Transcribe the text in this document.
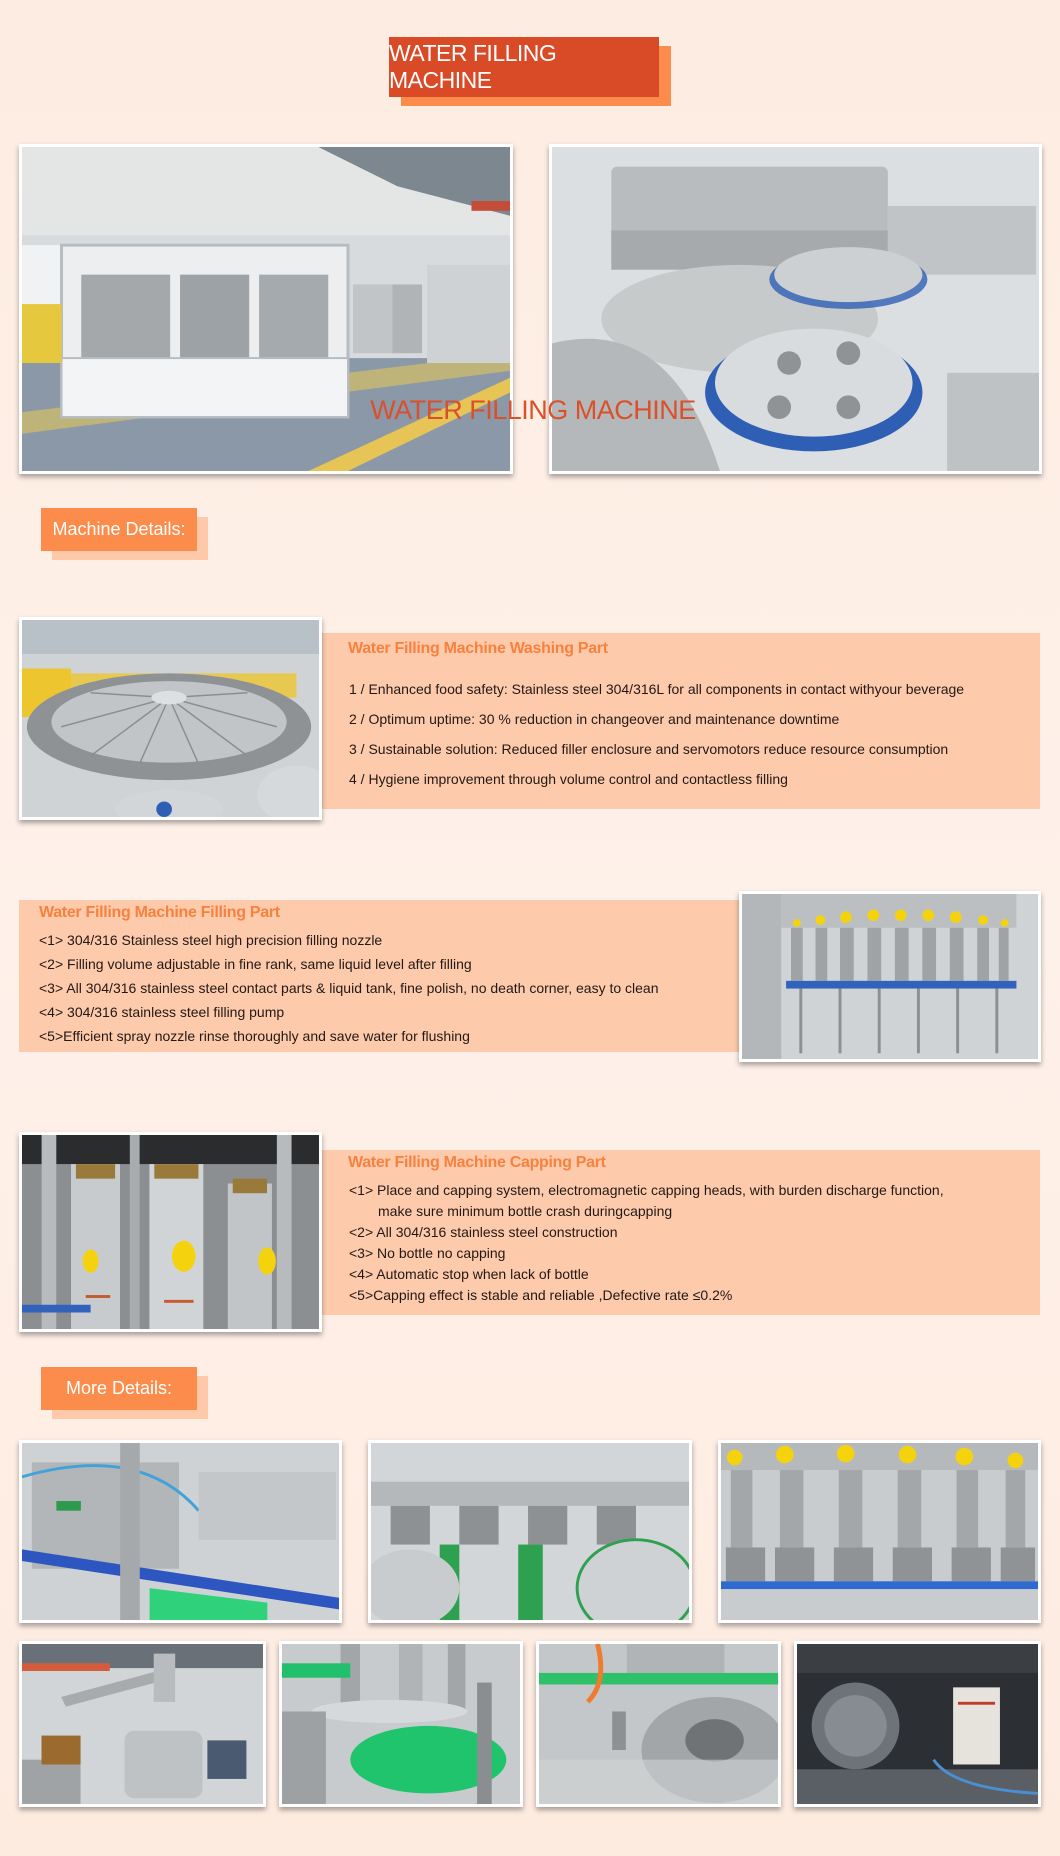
WATER FILLING MACHINE
WATER FILLING MACHINE
Machine Details:
Water Filling Machine Washing Part
1 / Enhanced food safety: Stainless steel 304/316L for all components in contact withyour beverage
2 / Optimum uptime: 30 % reduction in changeover and maintenance downtime
3 / Sustainable solution: Reduced filler enclosure and servomotors reduce resource consumption
4 / Hygiene improvement through volume control and contactless filling
Water Filling Machine Filling Part
<1> 304/316 Stainless steel high precision filling nozzle
<2> Filling volume adjustable in fine rank, same liquid level after filling
<3> All 304/316 stainless steel contact parts & liquid tank, fine polish, no death corner, easy to clean
<4> 304/316 stainless steel filling pump
<5>Efficient spray nozzle rinse thoroughly and save water for flushing
Water Filling Machine Capping Part
<1> Place and capping system, electromagnetic capping heads, with burden discharge function,
make sure minimum bottle crash duringcapping
<2> All 304/316 stainless steel construction
<3> No bottle no capping
<4> Automatic stop when lack of bottle
<5>Capping effect is stable and reliable ,Defective rate ≤0.2%
More Details:
